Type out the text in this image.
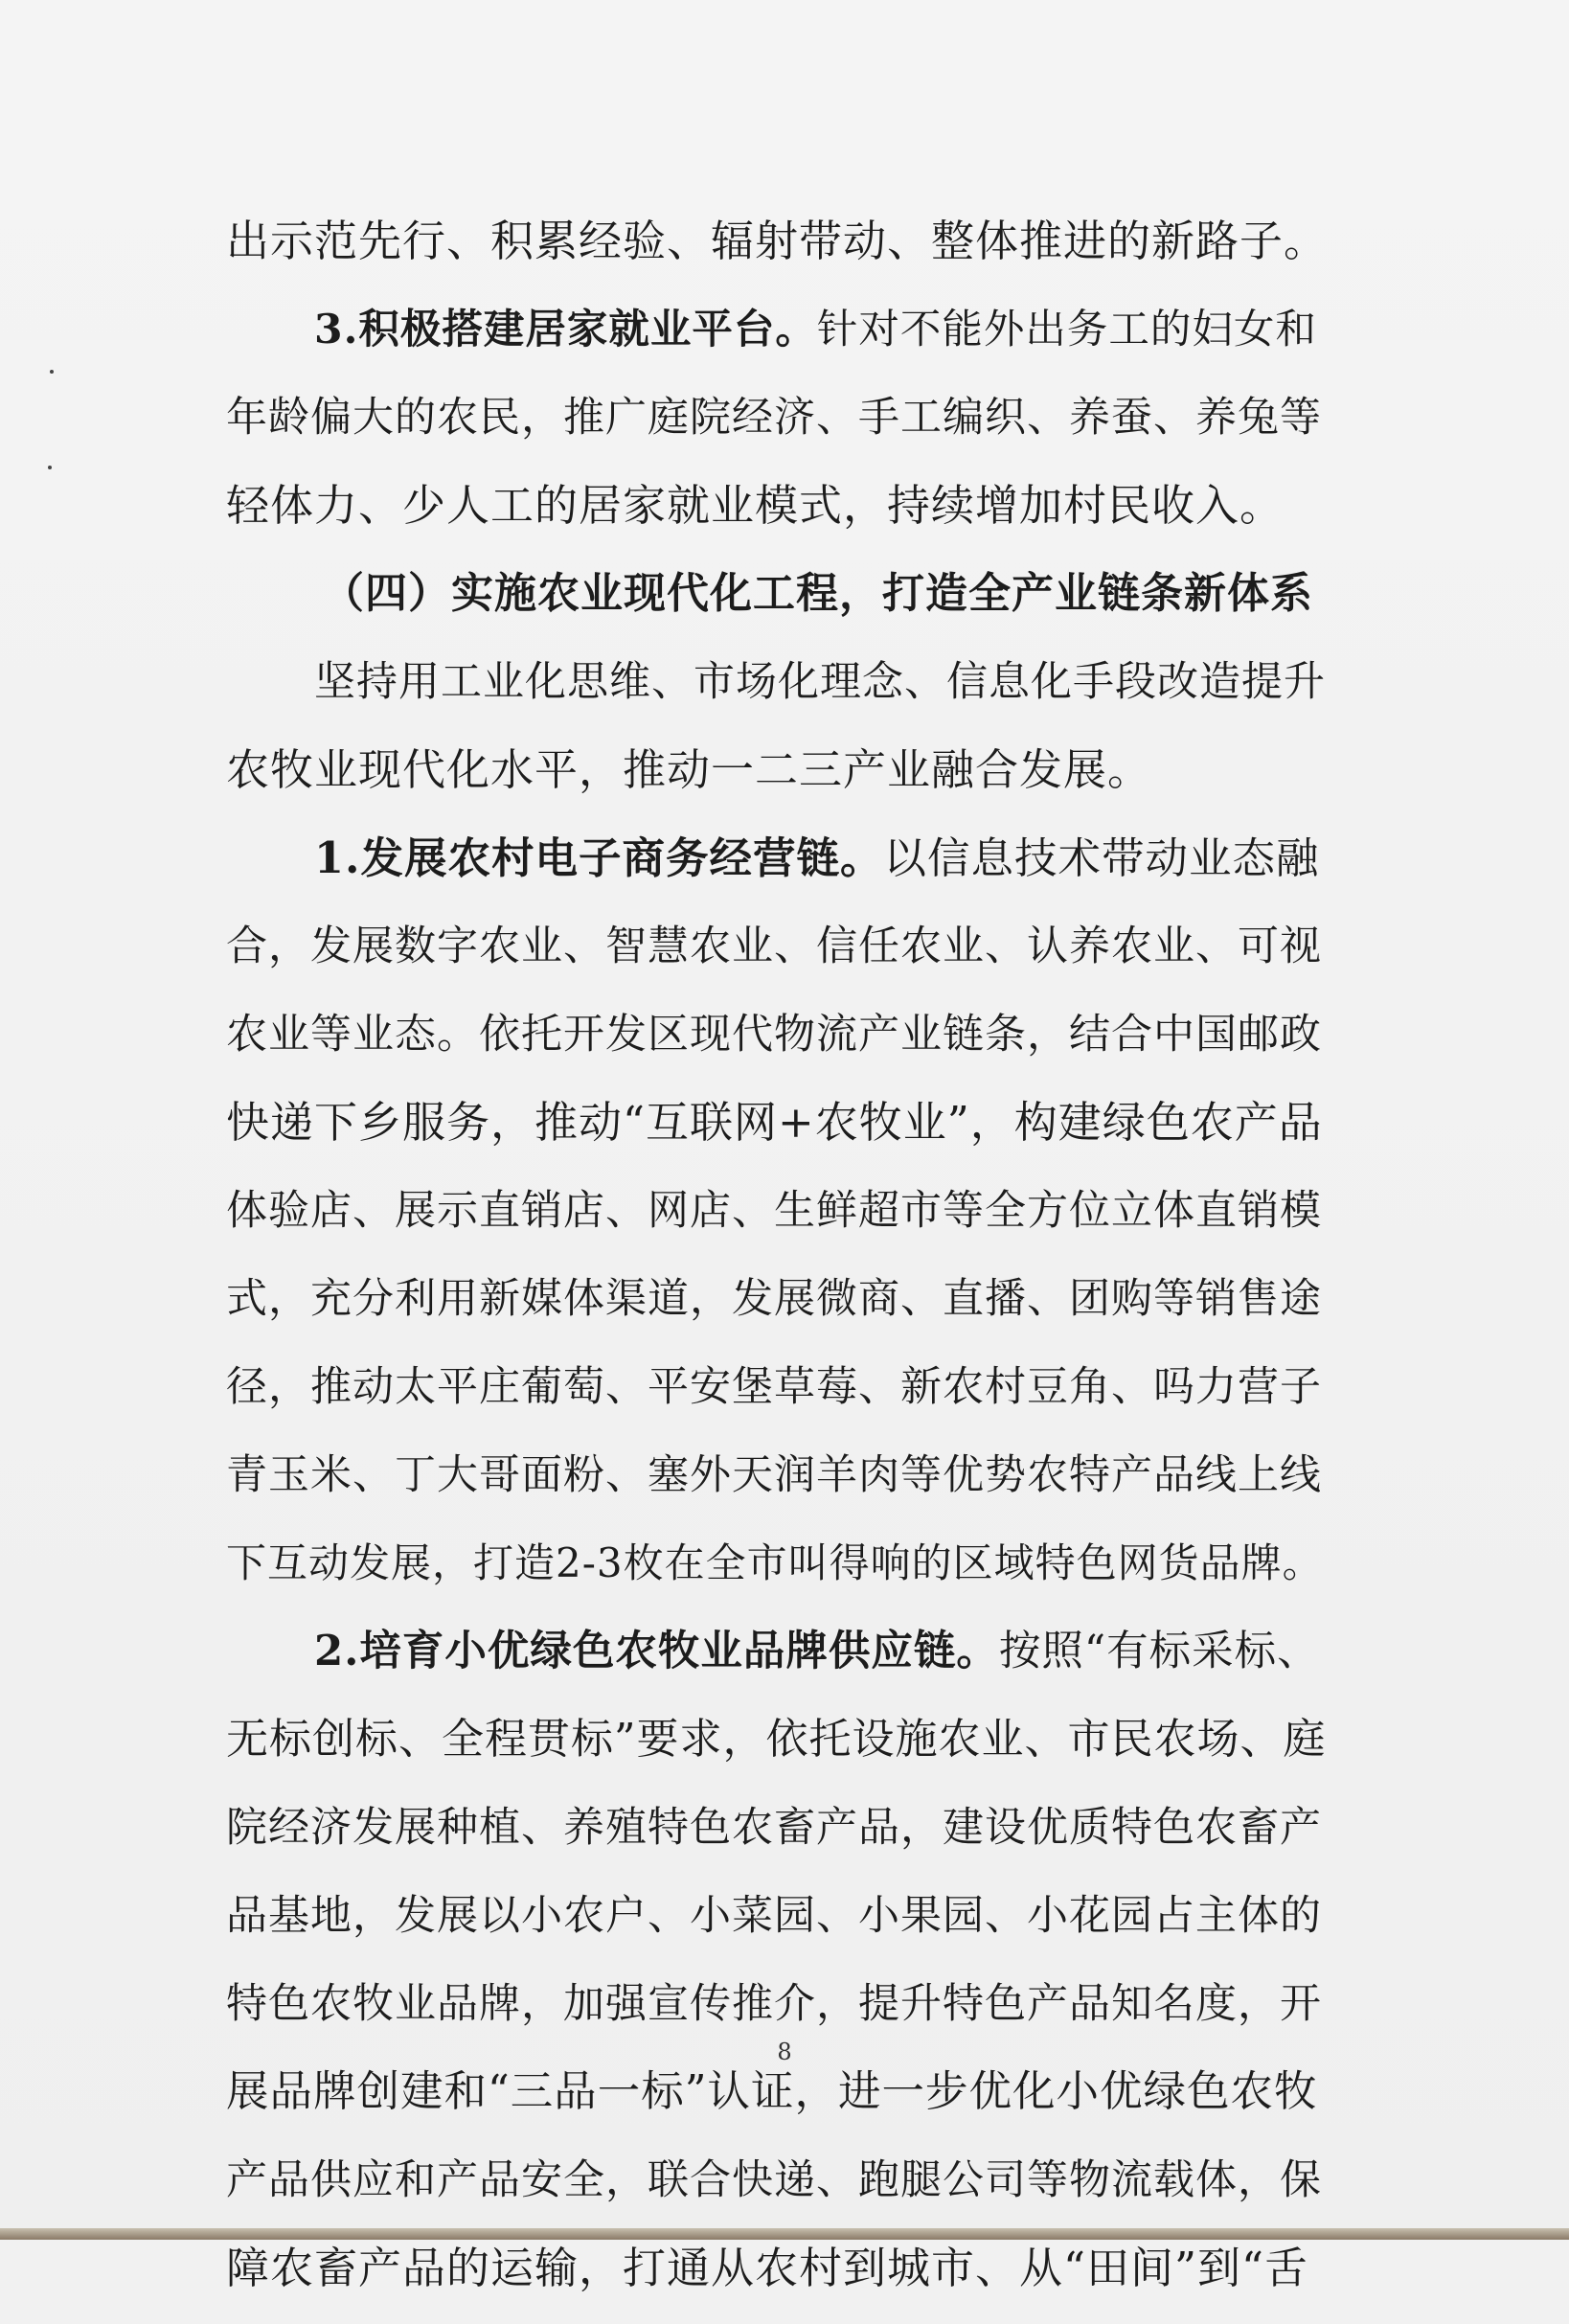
出示范先行、积累经验、辐射带动、整体推进的新路子。
3.积极搭建居家就业平台。针对不能外出务工的妇女和
年龄偏大的农民，推广庭院经济、手工编织、养蚕、养兔等
轻体力、少人工的居家就业模式，持续增加村民收入。
（四）实施农业现代化工程，打造全产业链条新体系
坚持用工业化思维、市场化理念、信息化手段改造提升
农牧业现代化水平，推动一二三产业融合发展。
1.发展农村电子商务经营链。以信息技术带动业态融
合，发展数字农业、智慧农业、信任农业、认养农业、可视
农业等业态。依托开发区现代物流产业链条，结合中国邮政
快递下乡服务，推动“互联网+农牧业”，构建绿色农产品
体验店、展示直销店、网店、生鲜超市等全方位立体直销模
式，充分利用新媒体渠道，发展微商、直播、团购等销售途
径，推动太平庄葡萄、平安堡草莓、新农村豆角、吗力营子
青玉米、丁大哥面粉、塞外天润羊肉等优势农特产品线上线
下互动发展，打造2-3枚在全市叫得响的区域特色网货品牌。
2.培育小优绿色农牧业品牌供应链。按照“有标采标、
无标创标、全程贯标”要求，依托设施农业、市民农场、庭
院经济发展种植、养殖特色农畜产品，建设优质特色农畜产
品基地，发展以小农户、小菜园、小果园、小花园占主体的
特色农牧业品牌，加强宣传推介，提升特色产品知名度，开
展品牌创建和“三品一标”认证，进一步优化小优绿色农牧
产品供应和产品安全，联合快递、跑腿公司等物流载体，保
障农畜产品的运输，打通从农村到城市、从“田间”到“舌
8
